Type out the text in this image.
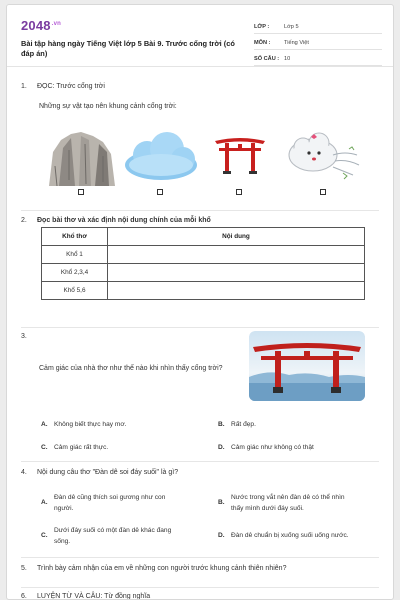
$2048^{.vn}$
Bài tập hàng ngày Tiếng Việt lớp 5 Bài 9. Trước cổng trời (có đáp án)
LỚP :	Lớp 5
MÔN :	Tiếng Việt
SỐ CÂU : 10
1. ĐỌC: Trước cổng trời
Những sự vật tạo nên khung cảnh cổng trời:
2. Đọc bài thơ và xác định nội dung chính của mỗi khổ
Khổ thơ	Nội dung
Khổ 1	
Khổ 2,3,4	
Khổ 5,6	
3.
Cảm giác của nhà thơ như thế nào khi nhìn thấy cổng trời?
A. Không biết thực hay mơ.	B. Rất đẹp.
C. Cảm giác rất thực.	D. Cảm giác như không có thật
4. Nội dung câu thơ "Đàn dê soi đáy suối" là gì?
A.
Đàn dê cũng thích soi gương như con
người.
B.
Nước trong vắt nên đàn dê có thể nhìn
thấy mình dưới đáy suối.
C.
Dưới đáy suối có một đàn dê khác đang
sống.
D. Đàn dê chuẩn bị xuống suối uống nước.
5. Trình bày cảm nhận của em về những con người trước khung cảnh thiên nhiên?
6. LUYỆN TỪ VÀ CÂU: Từ đồng nghĩa
